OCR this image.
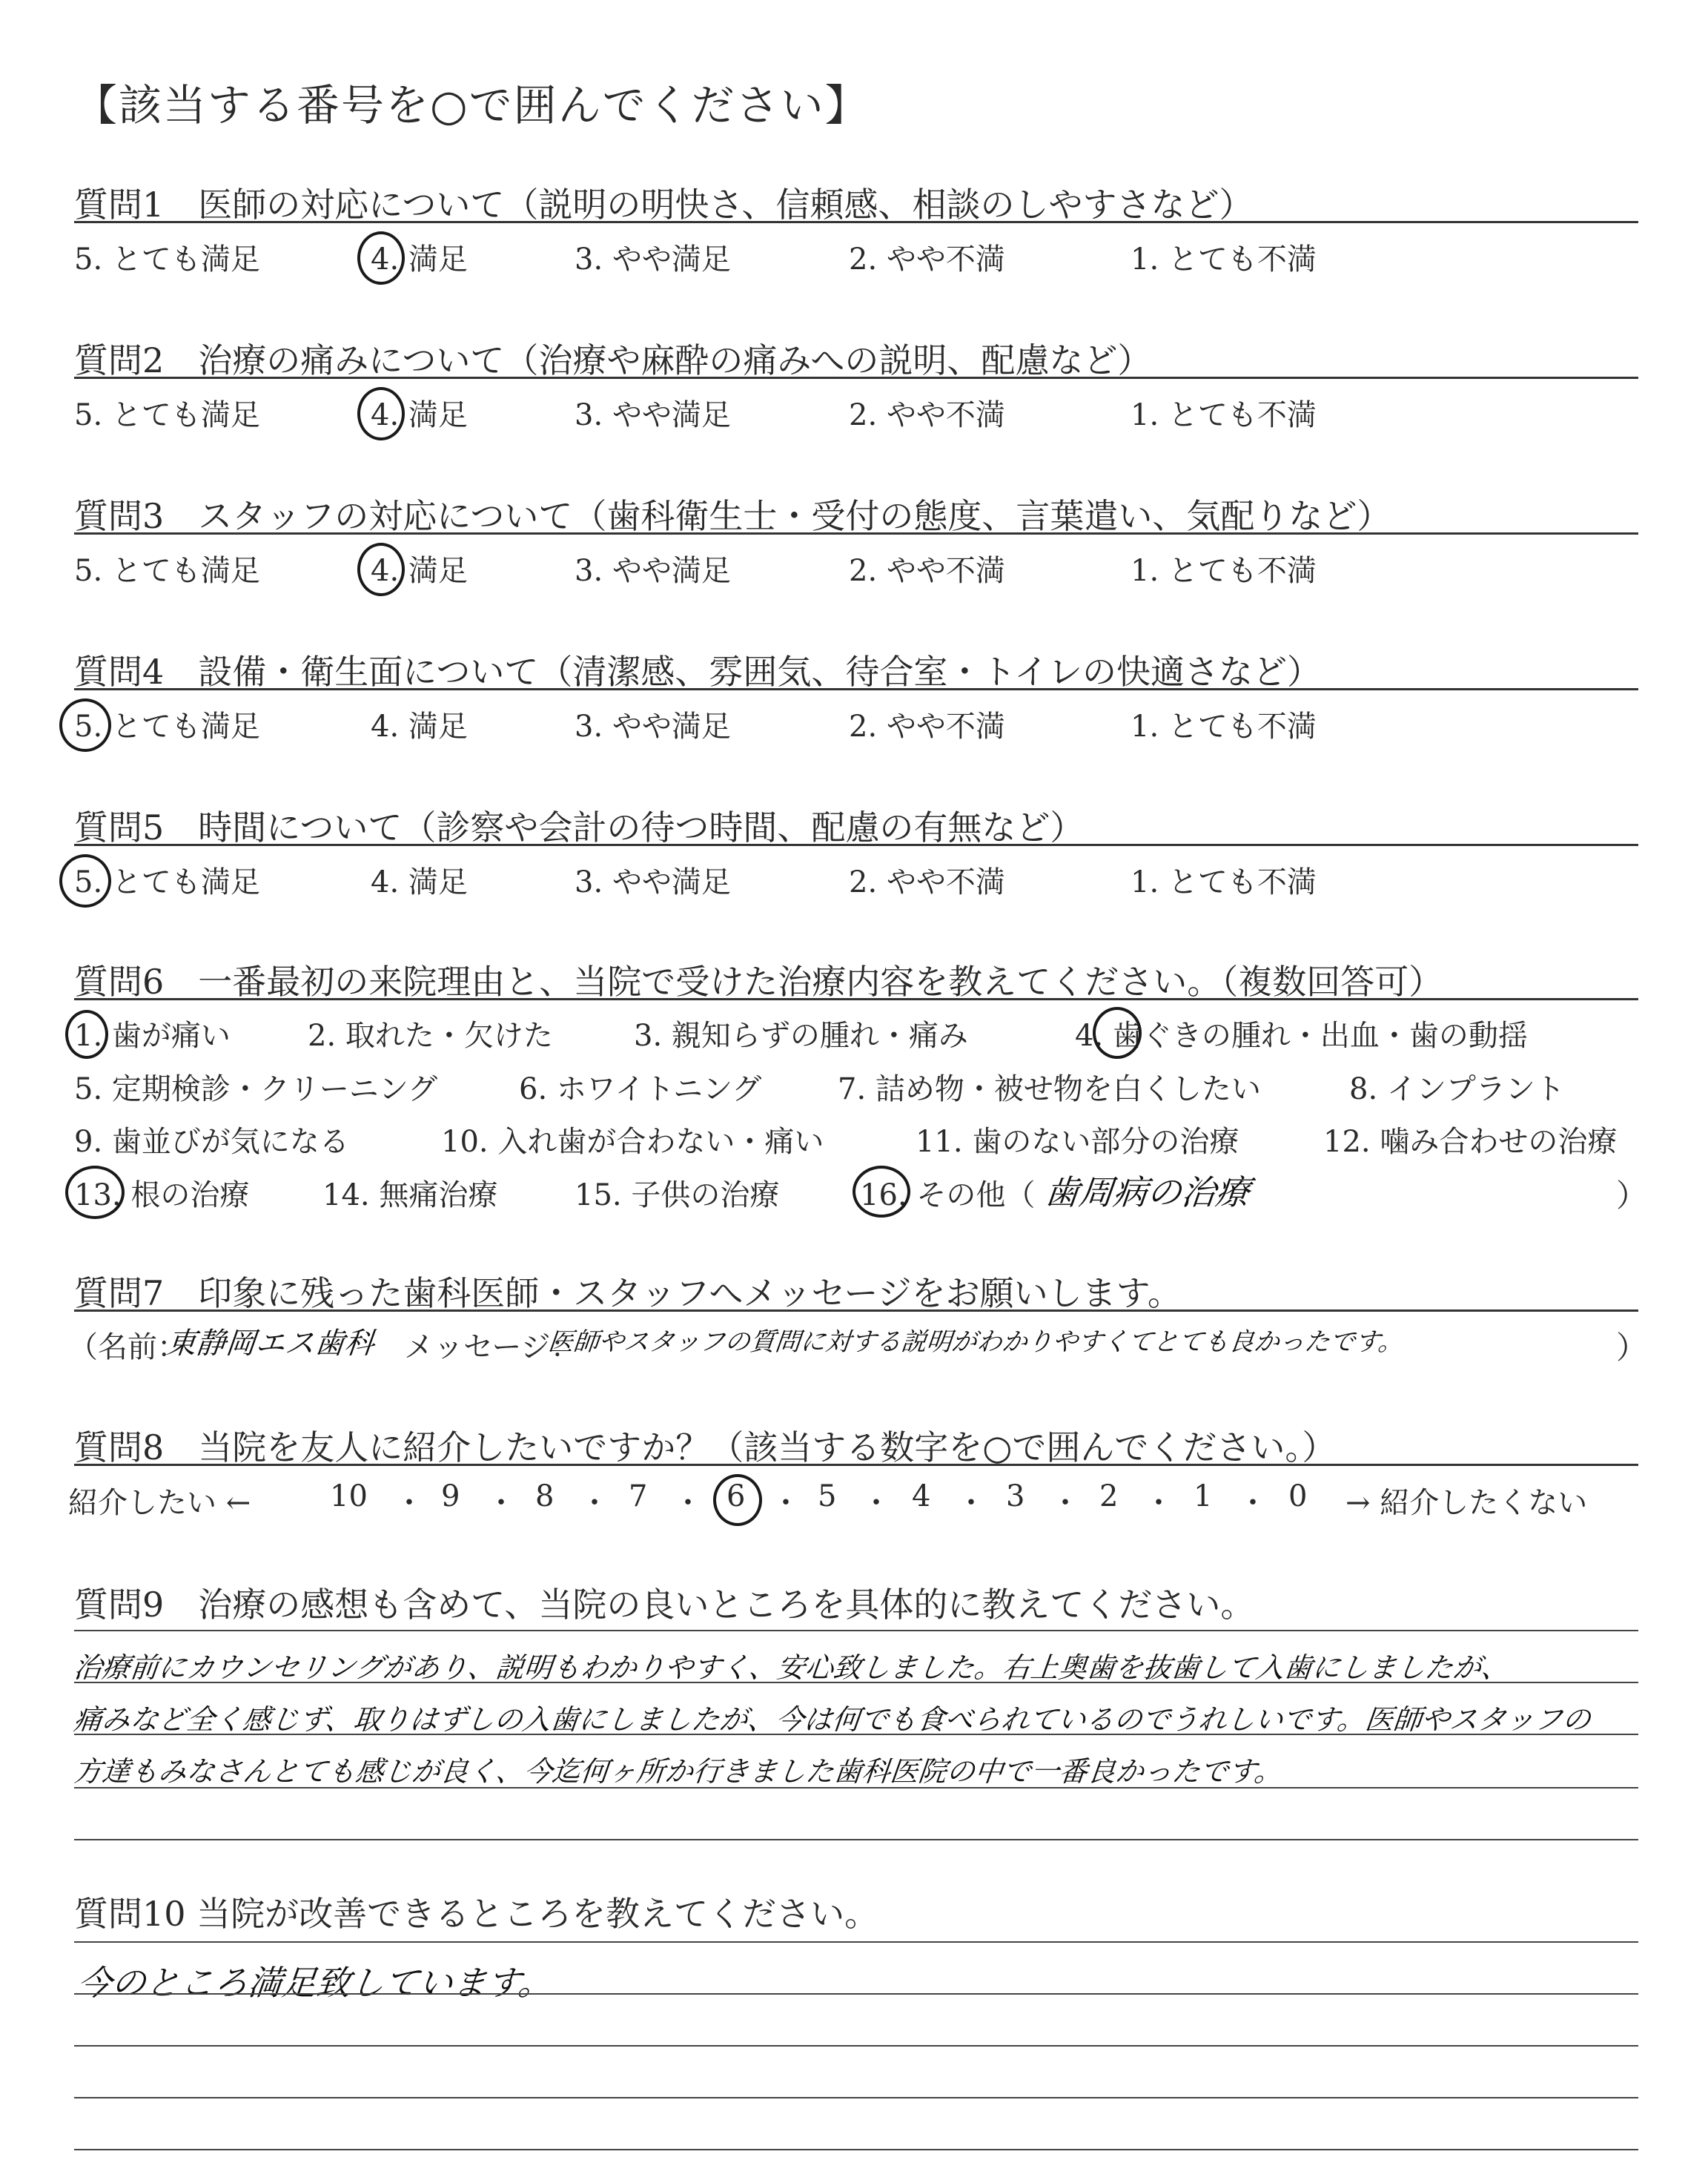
【該当する番号を○で囲んでください】
質問1　医師の対応について（説明の明快さ、信頼感、相談のしやすさなど）
5. とても満足	4. 満足	3. やや満足	2. やや不満	1. とても不満
質問2　治療の痛みについて（治療や麻酔の痛みへの説明、配慮など）
5. とても満足	4. 満足	3. やや満足	2. やや不満	1. とても不満
質問3　スタッフの対応について（歯科衛生士・受付の態度、言葉遣い、気配りなど）
5. とても満足	4. 満足	3. やや満足	2. やや不満	1. とても不満
質問4　設備・衛生面について（清潔感、雰囲気、待合室・トイレの快適さなど）
5. とても満足	4. 満足	3. やや満足	2. やや不満	1. とても不満
質問5　時間について（診察や会計の待つ時間、配慮の有無など）
5. とても満足	4. 満足	3. やや満足	2. やや不満	1. とても不満
質問6　一番最初の来院理由と、当院で受けた治療内容を教えてください。（複数回答可）
1. 歯が痛い	2. 取れた・欠けた	3. 親知らずの腫れ・痛み	4. 歯ぐきの腫れ・出血・歯の動揺
5. 定期検診・クリーニング	6. ホワイトニング	7. 詰め物・被せ物を白くしたい	8. インプラント
9. 歯並びが気になる	10. 入れ歯が合わない・痛い	11. 歯のない部分の治療	12. 噛み合わせの治療
13. 根の治療 14. 無痛治療	15. 子供の治療	16. その他（ 歯周病の治療	）
質問7　印象に残った歯科医師・スタッフへメッセージをお願いします。
（名前：
東静岡エス歯科 メッセージ：
医師やスタッフの質問に対する説明がわかりやすくてとても良かったです。	）
質問8　当院を友人に紹介したいですか？（該当する数字を○で囲んでください。）
紹介したい ←	10 ・ 9 ・ 8 ・ 7 ・ 6 ・ 5 ・ 4 ・ 3 ・ 2 ・ 1 ・ 0 → 紹介したくない
質問9　治療の感想も含めて、当院の良いところを具体的に教えてください。
治療前にカウンセリングがあり、説明もわかりやすく、安心致しました。右上奥歯を抜歯して入歯にしましたが、
痛みなど全く感じず、取りはずしの入歯にしましたが、今は何でも食べられているのでうれしいです。医師やスタッフの
方達もみなさんとても感じが良く、今迄何ヶ所か行きました歯科医院の中で一番良かったです。
質問10 当院が改善できるところを教えてください。
今のところ満足致しています。
